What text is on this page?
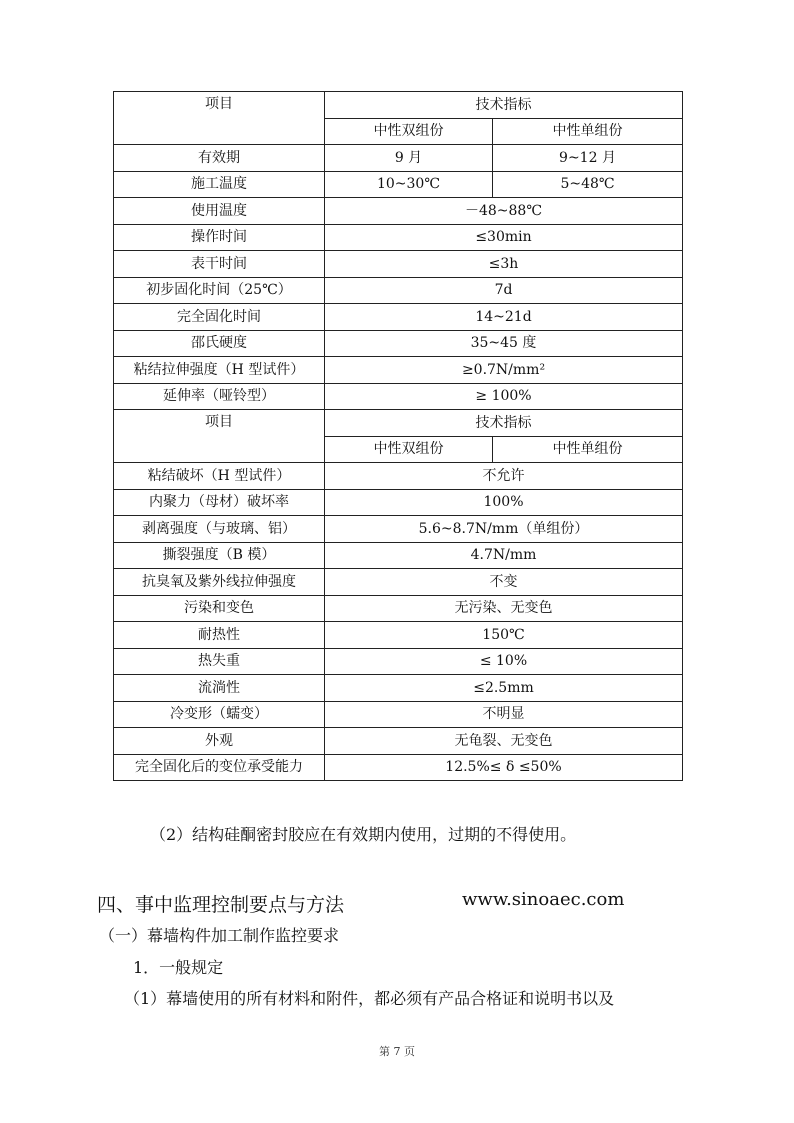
项目	技术指标	
	中性双组份	中性单组份
有效期	9 月	9~12 月
施工温度	10~30℃	5~48℃
使用温度	－48~88℃	
操作时间	≤30min	
表干时间	≤3h	
初步固化时间（25℃）	7d	
完全固化时间	14~21d	
邵氏硬度	35~45 度	
粘结拉伸强度（H 型试件）	≥0.7N/mm²	
延伸率（哑铃型）	≥ 100%	
项目	技术指标	
	中性双组份	中性单组份
粘结破坏（H 型试件）	不允许	
内聚力（母材）破坏率	100%	
剥离强度（与玻璃、铝）	5.6~8.7N/mm（单组份）	
撕裂强度（B 模）	4.7N/mm	
抗臭氧及紫外线拉伸强度	不变	
污染和变色	无污染、无变色	
耐热性	150℃	
热失重	≤ 10%	
流淌性	≤2.5mm	
冷变形（蠕变）	不明显	
外观	无龟裂、无变色	
完全固化后的变位承受能力	12.5%≤ δ ≤50%	

（2）结构硅酮密封胶应在有效期内使用，过期的不得使用。

四、事中监理控制要点与方法	www.sinoaec.com

（一）幕墙构件加工制作监控要求

1．一般规定

（1）幕墙使用的所有材料和附件，都必须有产品合格证和说明书以及

第 7 页
